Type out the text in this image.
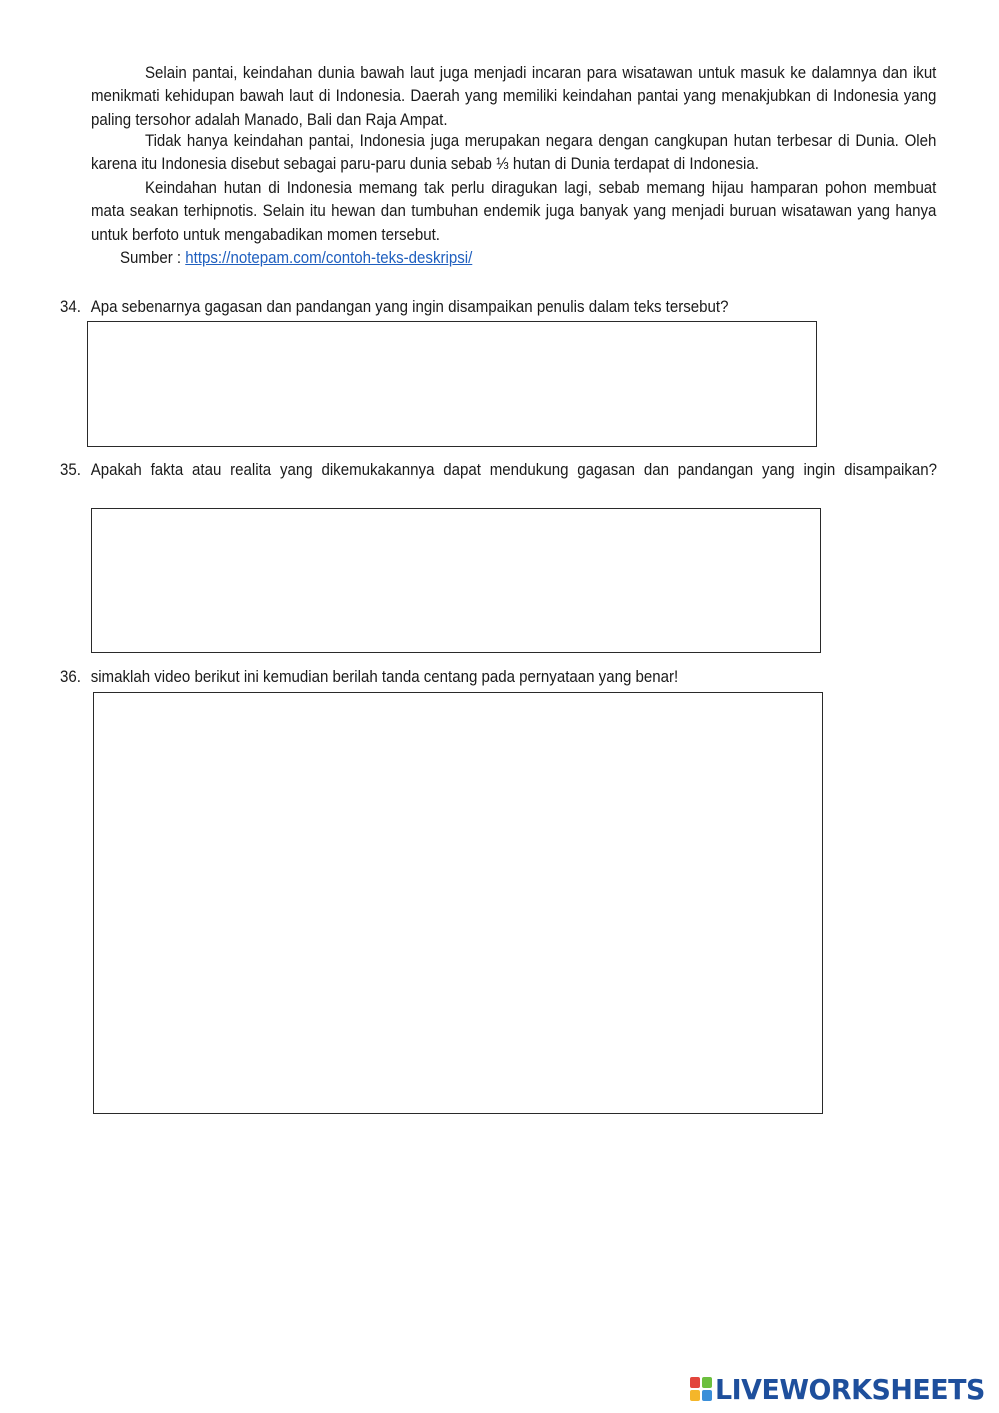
Selain pantai, keindahan dunia bawah laut juga menjadi incaran para wisatawan untuk masuk ke dalamnya dan ikut menikmati kehidupan bawah laut di Indonesia. Daerah yang memiliki keindahan pantai yang menakjubkan di Indonesia yang paling tersohor adalah Manado, Bali dan Raja Ampat.

Tidak hanya keindahan pantai, Indonesia juga merupakan negara dengan cangkupan hutan terbesar di Dunia. Oleh karena itu Indonesia disebut sebagai paru-paru dunia sebab ⅓ hutan di Dunia terdapat di Indonesia.

Keindahan hutan di Indonesia memang tak perlu diragukan lagi, sebab memang hijau hamparan pohon membuat mata seakan terhipnotis. Selain itu hewan dan tumbuhan endemik juga banyak yang menjadi buruan wisatawan yang hanya untuk berfoto untuk mengabadikan momen tersebut.

Sumber : https://notepam.com/contoh-teks-deskripsi/
34. Apa sebenarnya gagasan dan pandangan yang ingin disampaikan penulis dalam teks tersebut?
35. Apakah fakta atau realita yang dikemukakannya dapat mendukung gagasan dan pandangan yang ingin disampaikan?
36. simaklah video berikut ini kemudian berilah tanda centang pada pernyataan yang benar!
LIVEWORKSHEETS
